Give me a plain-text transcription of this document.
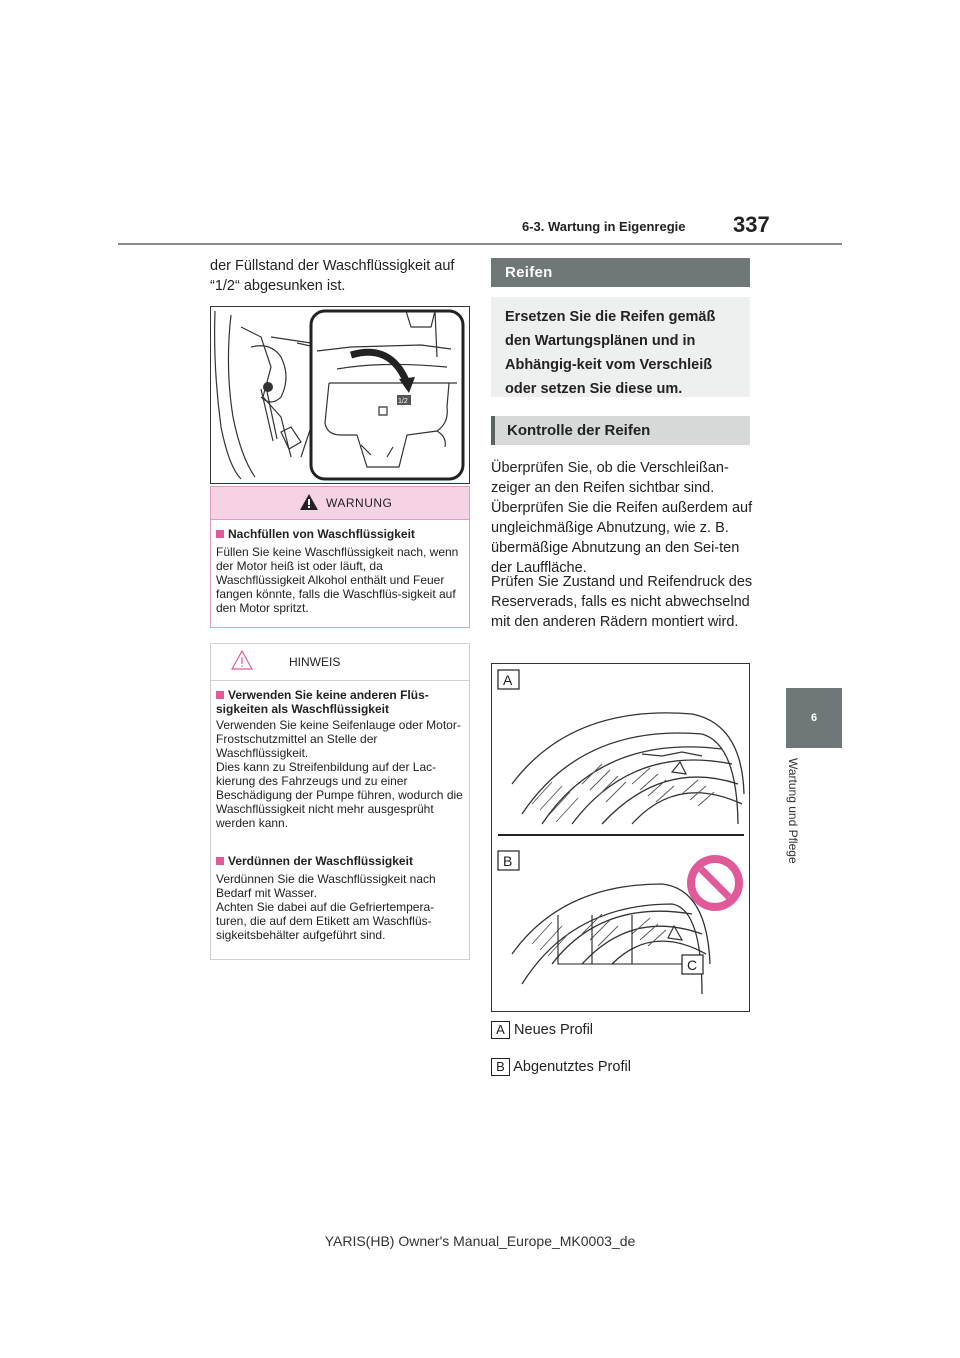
6-3. Wartung in Eigenregie 337
6
Wartung und Pflege
der Füllstand der Waschflüssigkeit auf “1/2“ abgesunken ist.
1/2
WARNUNG
Nachfüllen von Waschflüssigkeit
Füllen Sie keine Waschflüssigkeit nach, wenn der Motor heiß ist oder läuft, da Waschflüssigkeit Alkohol enthält und Feuer fangen könnte, falls die Waschflüs-sigkeit auf den Motor spritzt.
HINWEIS
Verwenden Sie keine anderen Flüs-sigkeiten als Waschflüssigkeit
Verwenden Sie keine Seifenlauge oder Motor-Frostschutzmittel an Stelle der Waschflüssigkeit.
Dies kann zu Streifenbildung auf der Lac-kierung des Fahrzeugs und zu einer Beschädigung der Pumpe führen, wodurch die Waschflüssigkeit nicht mehr ausgesprüht werden kann.
Verdünnen der Waschflüssigkeit
Verdünnen Sie die Waschflüssigkeit nach Bedarf mit Wasser.
Achten Sie dabei auf die Gefriertempera-turen, die auf dem Etikett am Waschflüs-sigkeitsbehälter aufgeführt sind.
Reifen
Ersetzen Sie die Reifen gemäß den Wartungsplänen und in Abhängig-keit vom Verschleiß oder setzen Sie diese um.
Kontrolle der Reifen
Überprüfen Sie, ob die Verschleißan-zeiger an den Reifen sichtbar sind. Überprüfen Sie die Reifen außerdem auf ungleichmäßige Abnutzung, wie z. B. übermäßige Abnutzung an den Sei-ten der Lauffläche.
Prüfen Sie Zustand und Reifendruck des Reserverads, falls es nicht abwechselnd mit den anderen Rädern montiert wird.
A
B
C
A Neues Profil
B Abgenutztes Profil
YARIS(HB) Owner's Manual_Europe_MK0003_de
